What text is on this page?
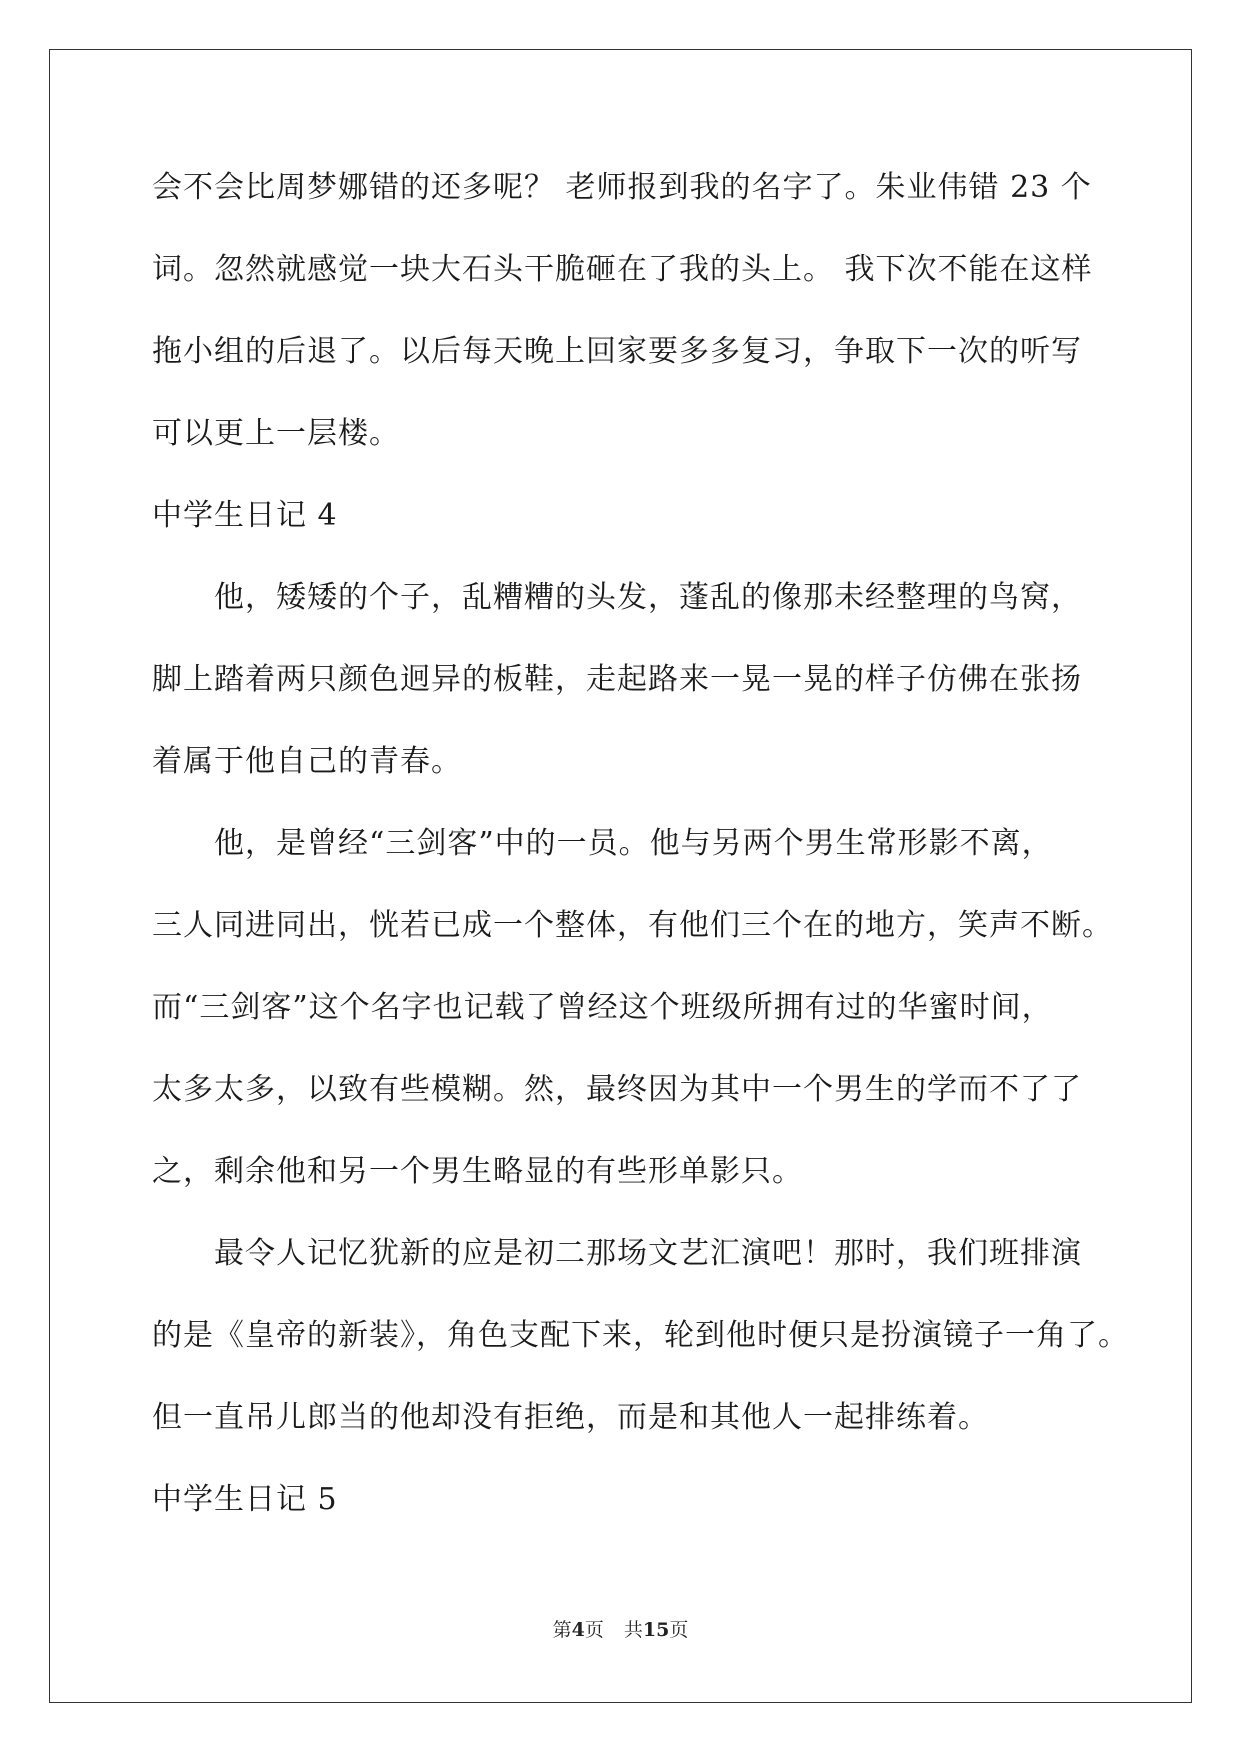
会不会比周梦娜错的还多呢？ 老师报到我的名字了。朱业伟错 23 个
词。忽然就感觉一块大石头干脆砸在了我的头上。 我下次不能在这样
拖小组的后退了。以后每天晚上回家要多多复习，争取下一次的听写
可以更上一层楼。
中学生日记 4
他，矮矮的个子，乱糟糟的头发，蓬乱的像那未经整理的鸟窝，
脚上踏着两只颜色迥异的板鞋，走起路来一晃一晃的样子仿佛在张扬
着属于他自己的青春。
他，是曾经“三剑客”中的一员。他与另两个男生常形影不离，
三人同进同出，恍若已成一个整体，有他们三个在的地方，笑声不断。
而“三剑客”这个名字也记载了曾经这个班级所拥有过的华蜜时间，
太多太多，以致有些模糊。然，最终因为其中一个男生的学而不了了
之，剩余他和另一个男生略显的有些形单影只。
最令人记忆犹新的应是初二那场文艺汇演吧！那时，我们班排演
的是《皇帝的新装》，角色支配下来，轮到他时便只是扮演镜子一角了。
但一直吊儿郎当的他却没有拒绝，而是和其他人一起排练着。
中学生日记 5
第4页 共15页
